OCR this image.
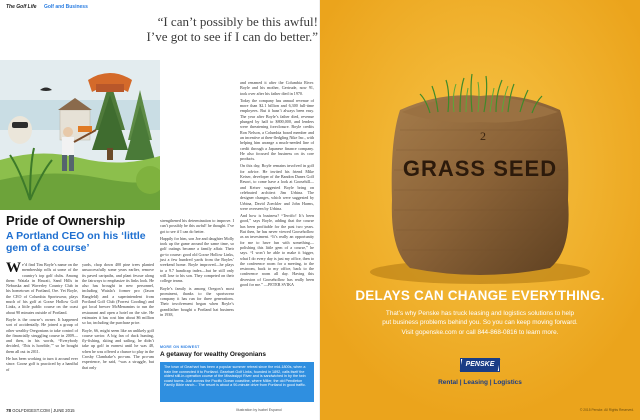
The Golf Life Golf and Business
“I can’t possibly be this awful!
I’ve got to see if I can do better.”
Pride of Ownership
A Portland CEO on his ‘little gem of a course’

We’d find Tim Boyle’s name on the membership rolls at some of the country’s top golf clubs. Among them: Waiala in Hawaii, Sand Hills in Nebraska and Waverley Country Club in his hometown of Portland, Ore. Yet Boyle, the CEO of Columbia Sportswear, plays much of his golf at Goose Hollow Golf Links, a little public course on the coast about 90 minutes outside of Portland.

Boyle is the course’s owner. It happened sort of accidentally. He joined a group of other wealthy Oregonians to take control of the financially struggling course in 2009—and then, in his words, “Everybody decided, ‘This is horrible,’” so he bought them all out in 2011.

He has been working to turn it around ever since. Goose golf is practiced by a handful of

yards, chop down 400 pine trees planted unsuccessfully some years earlier, remove its paved cartpaths, and plant fescue along the fairways to emphasize its links look. He also has brought in new personnel, including Waiala’s former pro (Jason Rangfeld) and a superintendent from Portland Golf Club (Forrest Gooding) and got local brewer McMenamins to run the restaurant and open a hotel on the site. He estimates it has cost him about $6 million so far, including the purchase price.

Boyle, 66, might seem like an unlikely golf course savior. A big fan of duck hunting, fly-fishing, skiing and sailing, he didn’t take up golf in earnest until he was 48, when he was offered a chance to play in the Crosby Clambake’s pro-am. The pro-am experience, he said, “was a struggle, but that only

strengthened his determination to improve. I can’t possibly be this awful! he thought. I’ve got to see if I can do better.

Happily for him, son Joe and daughter Molly took up the game around the same time, so golf outings became a family affair. Their go-to course: good old Goose Hollow Links, just a few hundred yards from the Boyles’ weekend home. Boyle improved—he plays to a 9.7 handicap index—but he still only will lose to his son. They competed on their college teams.

Boyle’s family is among Oregon’s most prominent, thanks to the sportswear company it has run for three generations. Their involvement began when Boyle’s grandfather bought a Portland hat business in 1938,

and renamed it after the Columbia River. Boyle and his mother, Gertrude, now 91, took over after his father died in 1970.

Today the company has annual revenue of more than $2.1 billion and 6,300 full-time employees. But it hasn’t always been easy. The year after Boyle’s father died, revenue plunged by half to $800,000, and lenders were threatening foreclosure. Boyle credits Ron Nelson, a Columbia board member and an incentive at then-fledgling Nike Inc., with helping him arrange a much-needed line of credit through a Japanese finance company. He also focused the business on its core products.

On this day, Boyle remains involved in golf for advice. He invited his friend Mike Keiser, developer of the Bandon Dunes Golf Resort, to come have a look at Goosehill—and Keiser suggested Boyle bring on celebrated architect Jim Urbina. The designer changes, which were suggested by Urbina, David Zoeckler and John Harms, were overseen by Urbina.

And how is business? “Terrific! It’s been good,” says Boyle, adding that the course has been profitable for the past two years. But then, he has never viewed Goosehollow as an investment. “It’s really an opportunity for me to have fun with something—polishing this little gem of a course,” he says. “I won’t be able to make it bigger, what I do every day is just my office, then to the conference room for a meeting, to the restroom, back to my office, back to the conference room all day. Having this diversion of Goosehollow has really been good for me.” —PETER SVIKA

MORE ON MIDWEST
A getaway for wealthy Oregonians

The town of Gearhart has been a popular summer retreat since the mid-1800s, when a train line connected it to Portland. Gearhart Golf Links, founded in 1892, calls itself the oldest still-in-operation course of the Mississippi River and is sandwiched in by the twin coast towns. Just across the Pacific Ocean coastline, where Miller, the old Pendleton Family Bible ranch... The resort is about a 90-minute drive from Portland in good traffic.

78 GOLFDIGEST.COM | JUNE 2015	Illustration by Isabel Espanol
2
GRASS SEED
DELAYS CAN CHANGE EVERYTHING.
That’s why Penske has truck leasing and logistics solutions to help
put business problems behind you. So you can keep moving forward.
Visit gopenske.com or call 844-868-0816 to learn more.
PENSKE
Rental | Leasing | Logistics
© 2015 Penske. All Rights Reserved.
